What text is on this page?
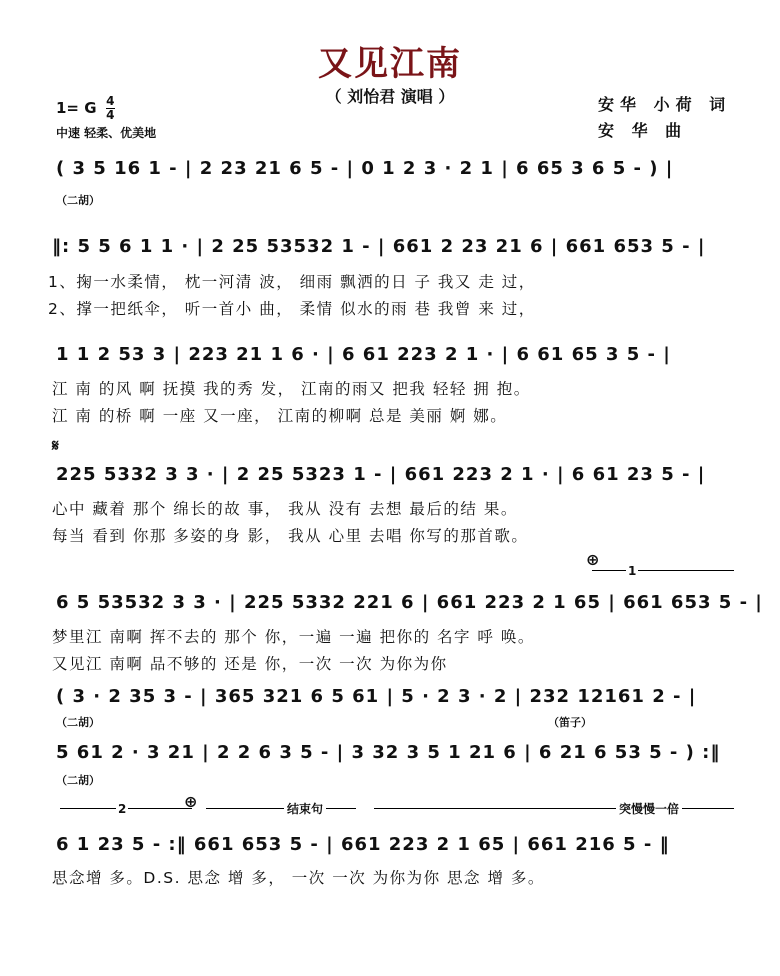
又见江南
（ 刘怡君 演唱 ）	安华 小荷 词
安 华 曲
1= G $\frac{4}{4}$
中速 轻柔、优美地
( 3 5 16 1 - | 2 23 21 6 5 - | 0 1 2 3 · 2 1 | 6 65 3 6 5 - ) |
（二胡）
‖: 5 5 6 1 1 · | 2 25 53532 1 - | 661 2 23 21 6 | 661 653 5 - |
1、掬一水柔情， 枕一河清 波， 细雨 飘洒的日 子 我又 走 过，
2、撑一把纸伞， 听一首小 曲， 柔情 似水的雨 巷 我曾 来 过，
1 1 2 53 3 | 223 21 1 6 · | 6 61 223 2 1 · | 6 61 65 3 5 - |
江 南 的风 啊 抚摸 我的秀 发， 江南的雨又 把我 轻轻 拥 抱。
江 南 的桥 啊 一座 又一座， 江南的柳啊 总是 美丽 婀 娜。
𝄋
225 5332 3 3 · | 2 25 5323 1 - | 661 223 2 1 · | 6 61 23 5 - |
心中 藏着 那个 绵长的故 事， 我从 没有 去想 最后的结 果。
每当 看到 你那 多姿的身 影， 我从 心里 去唱 你写的那首歌。
⊕
1
6 5 53532 3 3 · | 225 5332 221 6 | 661 223 2 1 65 | 661 653 5 - |
梦里江 南啊 挥不去的 那个 你，一遍 一遍 把你的 名字 呼 唤。
又见江 南啊 品不够的 还是 你，一次 一次 为你为你
( 3 · 2 35 3 - | 365 321 6 5 61 | 5 · 2 3 · 2 | 232 12161 2 - |
（二胡）	（笛子）
5 61 2 · 3 21 | 2 2 6 3 5 - | 3 32 3 5 1 21 6 | 6 21 6 53 5 - ) :‖
（二胡）
2	⊕	结束句	突慢慢一倍
6 1 23 5 - :‖ 661 653 5 - | 661 223 2 1 65 | 661 216 5 - ‖
思念增 多。D.S. 思念 增 多， 一次 一次 为你为你 思念 增 多。
